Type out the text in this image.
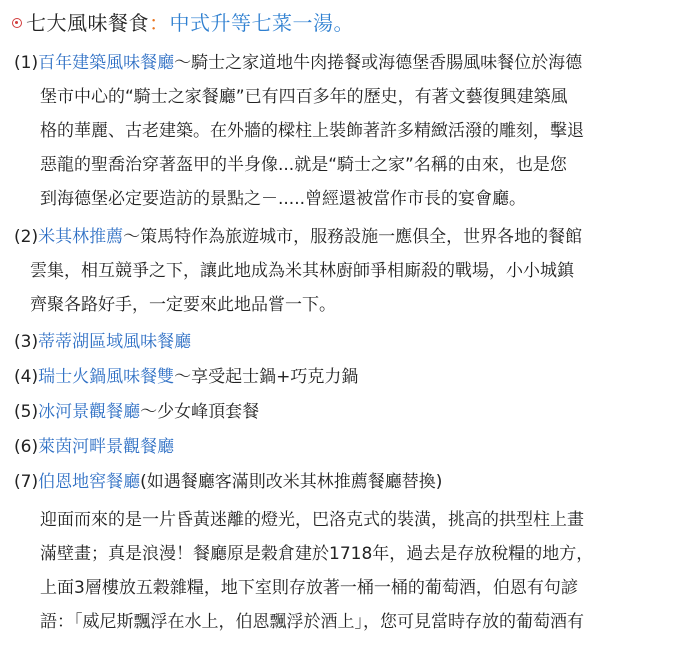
七大風味餐食：中式升等七菜一湯。
(1)百年建築風味餐廳～騎士之家道地牛肉捲餐或海德堡香腸風味餐位於海德
堡市中心的“騎士之家餐廳”已有四百多年的歷史，有著文藝復興建築風
格的華麗、古老建築。在外牆的樑柱上裝飾著許多精緻活潑的雕刻，擊退
惡龍的聖喬治穿著盔甲的半身像...就是“騎士之家”名稱的由來，也是您
到海德堡必定要造訪的景點之－.....曾經還被當作市長的宴會廳。
(2)米其林推薦～策馬特作為旅遊城市，服務設施一應俱全，世界各地的餐館
雲集，相互競爭之下，讓此地成為米其林廚師爭相廝殺的戰場，小小城鎮
齊聚各路好手，一定要來此地品嘗一下。
(3)蒂蒂湖區域風味餐廳
(4)瑞士火鍋風味餐雙～享受起士鍋+巧克力鍋
(5)冰河景觀餐廳～少女峰頂套餐
(6)萊茵河畔景觀餐廳
(7)伯恩地窖餐廳(如遇餐廳客滿則改米其林推薦餐廳替換)
迎面而來的是一片昏黃迷離的燈光，巴洛克式的裝潢，挑高的拱型柱上畫
滿壁畫；真是浪漫！餐廳原是穀倉建於1718年，過去是存放稅糧的地方，
上面3層樓放五穀雜糧，地下室則存放著一桶一桶的葡萄酒，伯恩有句諺
語：「威尼斯飄浮在水上，伯恩飄浮於酒上」，您可見當時存放的葡萄酒有
